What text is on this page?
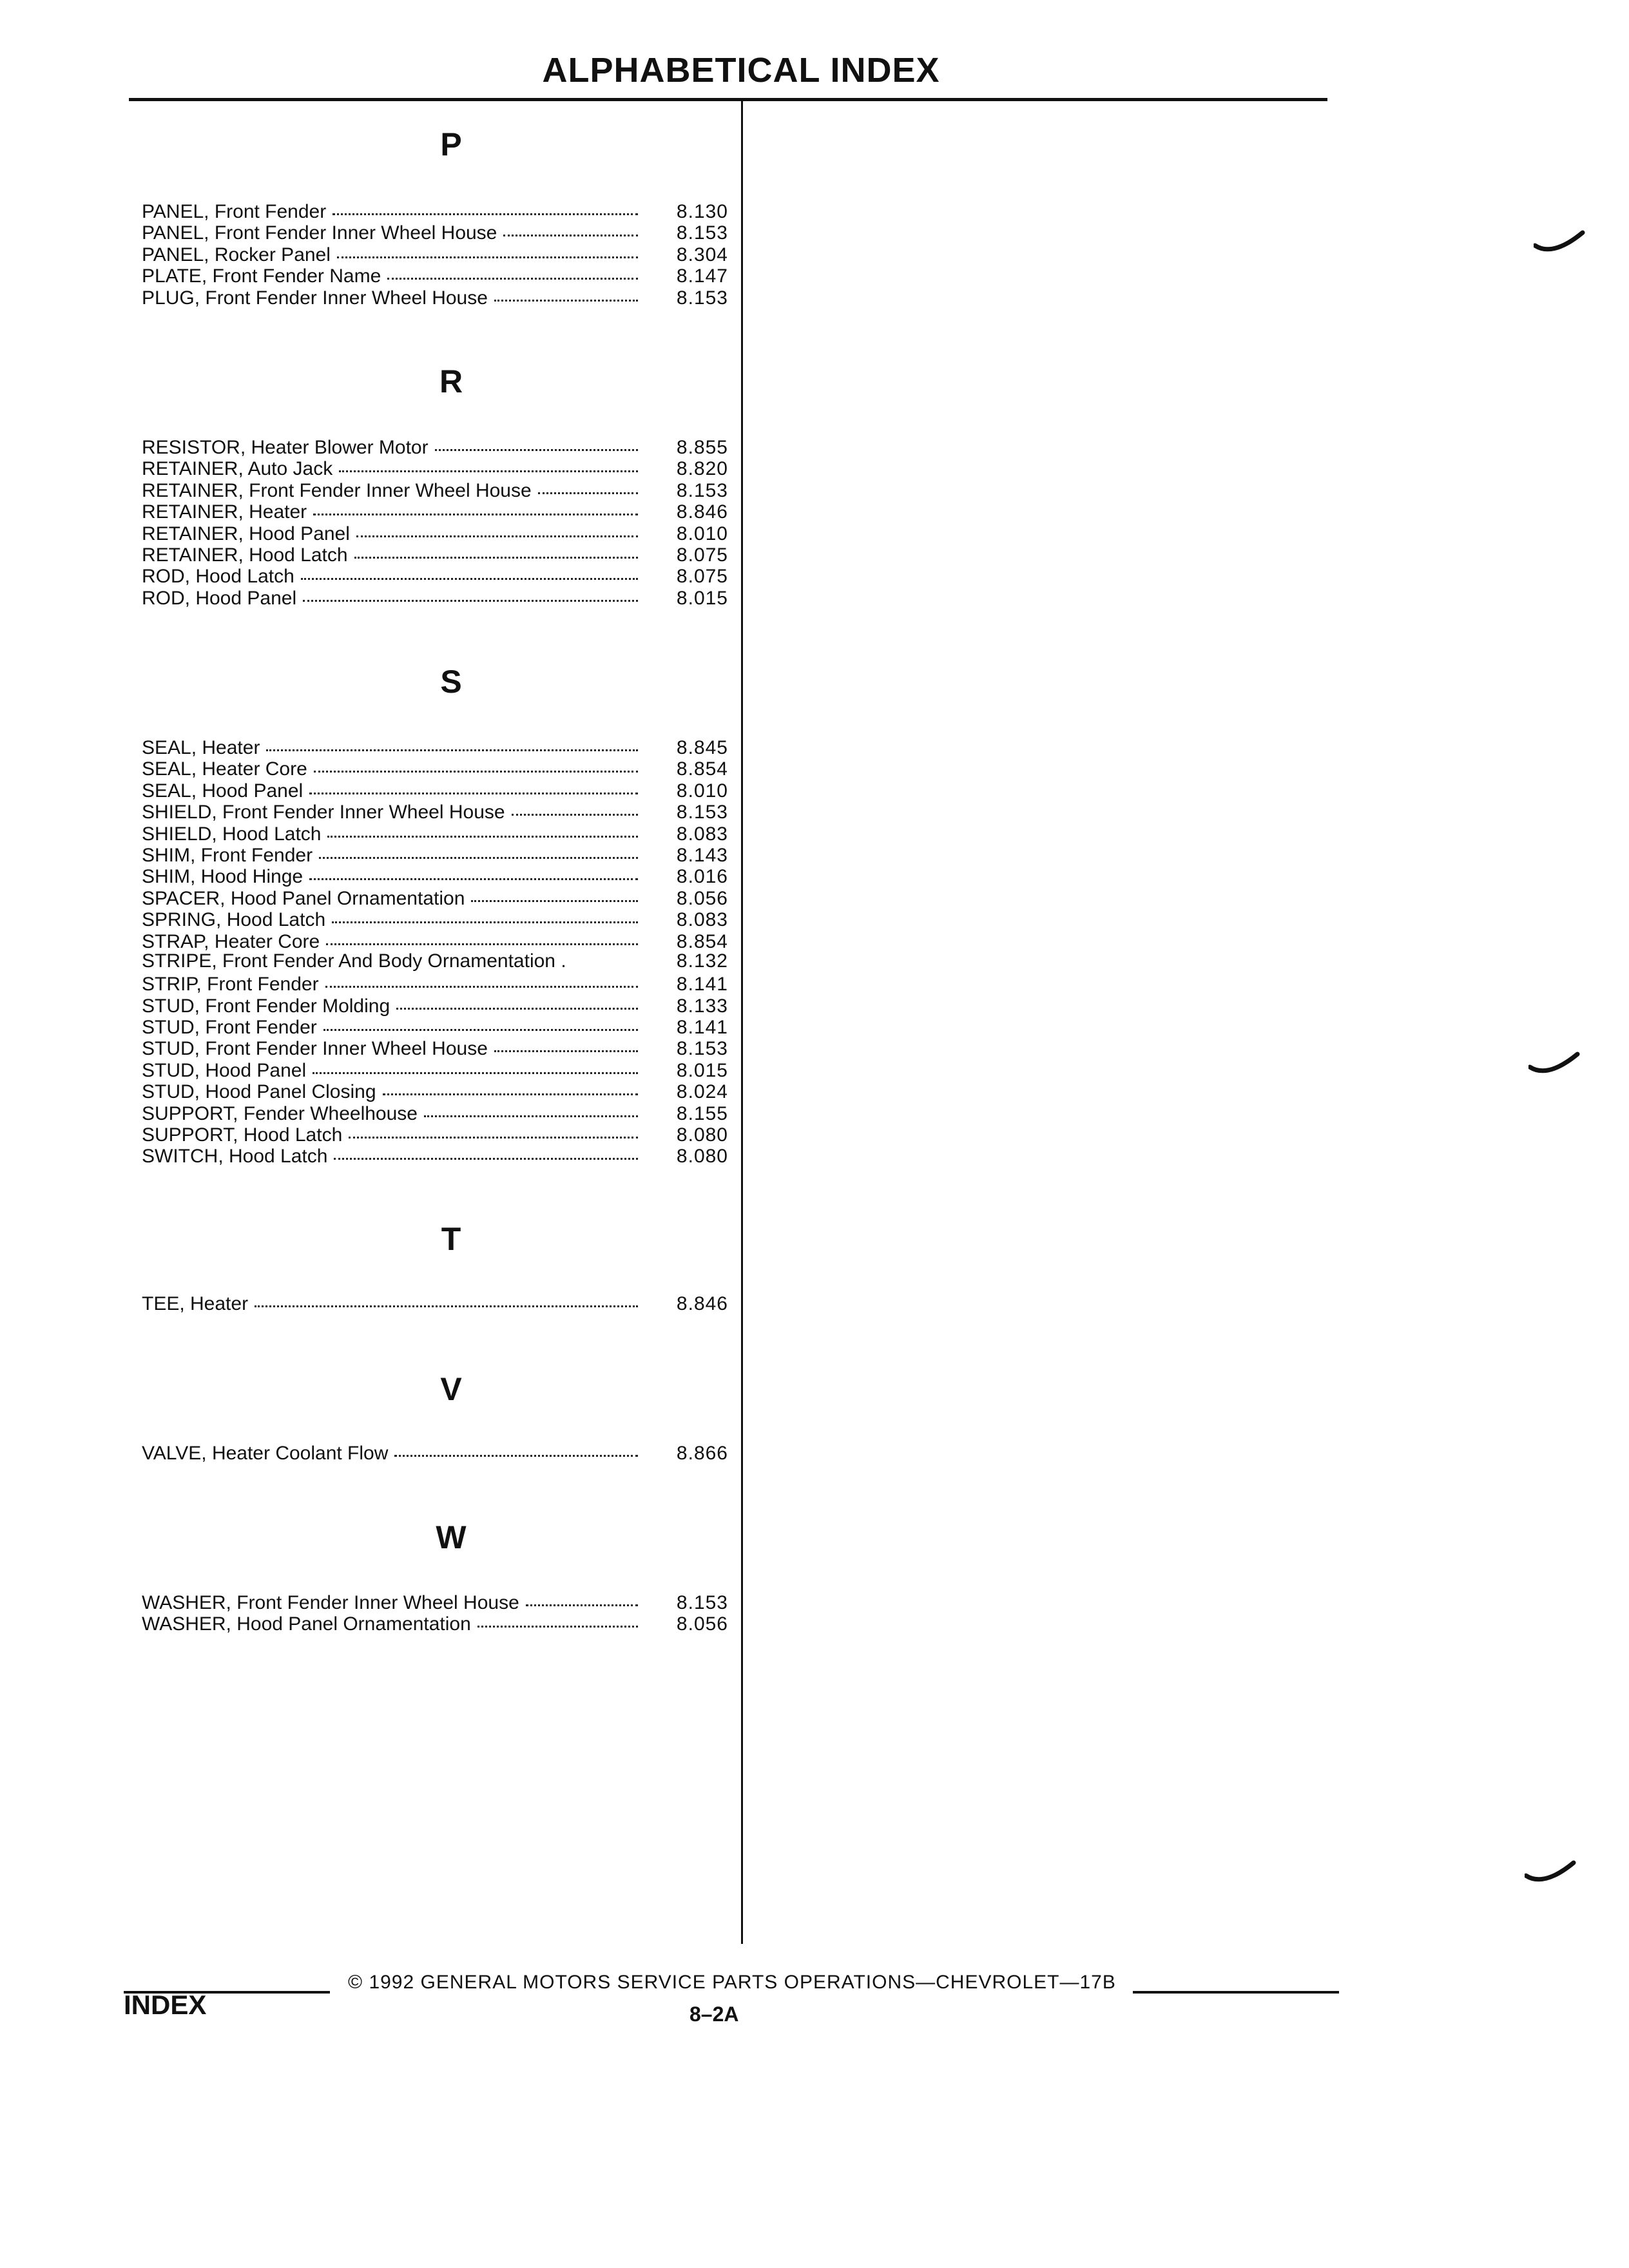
ALPHABETICAL INDEX
P
PANEL, Front Fender	8.130
PANEL, Front Fender Inner Wheel House	8.153
PANEL, Rocker Panel	8.304
PLATE, Front Fender Name	8.147
PLUG, Front Fender Inner Wheel House	8.153
R
RESISTOR, Heater Blower Motor	8.855
RETAINER, Auto Jack	8.820
RETAINER, Front Fender Inner Wheel House	8.153
RETAINER, Heater	8.846
RETAINER, Hood Panel	8.010
RETAINER, Hood Latch	8.075
ROD, Hood Latch	8.075
ROD, Hood Panel	8.015
S
SEAL, Heater	8.845
SEAL, Heater Core	8.854
SEAL, Hood Panel	8.010
SHIELD, Front Fender Inner Wheel House	8.153
SHIELD, Hood Latch	8.083
SHIM, Front Fender	8.143
SHIM, Hood Hinge	8.016
SPACER, Hood Panel Ornamentation	8.056
SPRING, Hood Latch	8.083
STRAP, Heater Core	8.854
STRIPE, Front Fender And Body Ornamentation .	8.132
STRIP, Front Fender	8.141
STUD, Front Fender Molding	8.133
STUD, Front Fender	8.141
STUD, Front Fender Inner Wheel House	8.153
STUD, Hood Panel	8.015
STUD, Hood Panel Closing	8.024
SUPPORT, Fender Wheelhouse	8.155
SUPPORT, Hood Latch	8.080
SWITCH, Hood Latch	8.080
T
TEE, Heater	8.846
V
VALVE, Heater Coolant Flow	8.866
W
WASHER, Front Fender Inner Wheel House	8.153
WASHER, Hood Panel Ornamentation	8.056
© 1992 GENERAL MOTORS SERVICE PARTS OPERATIONS—CHEVROLET—17B
INDEX	8–2A
